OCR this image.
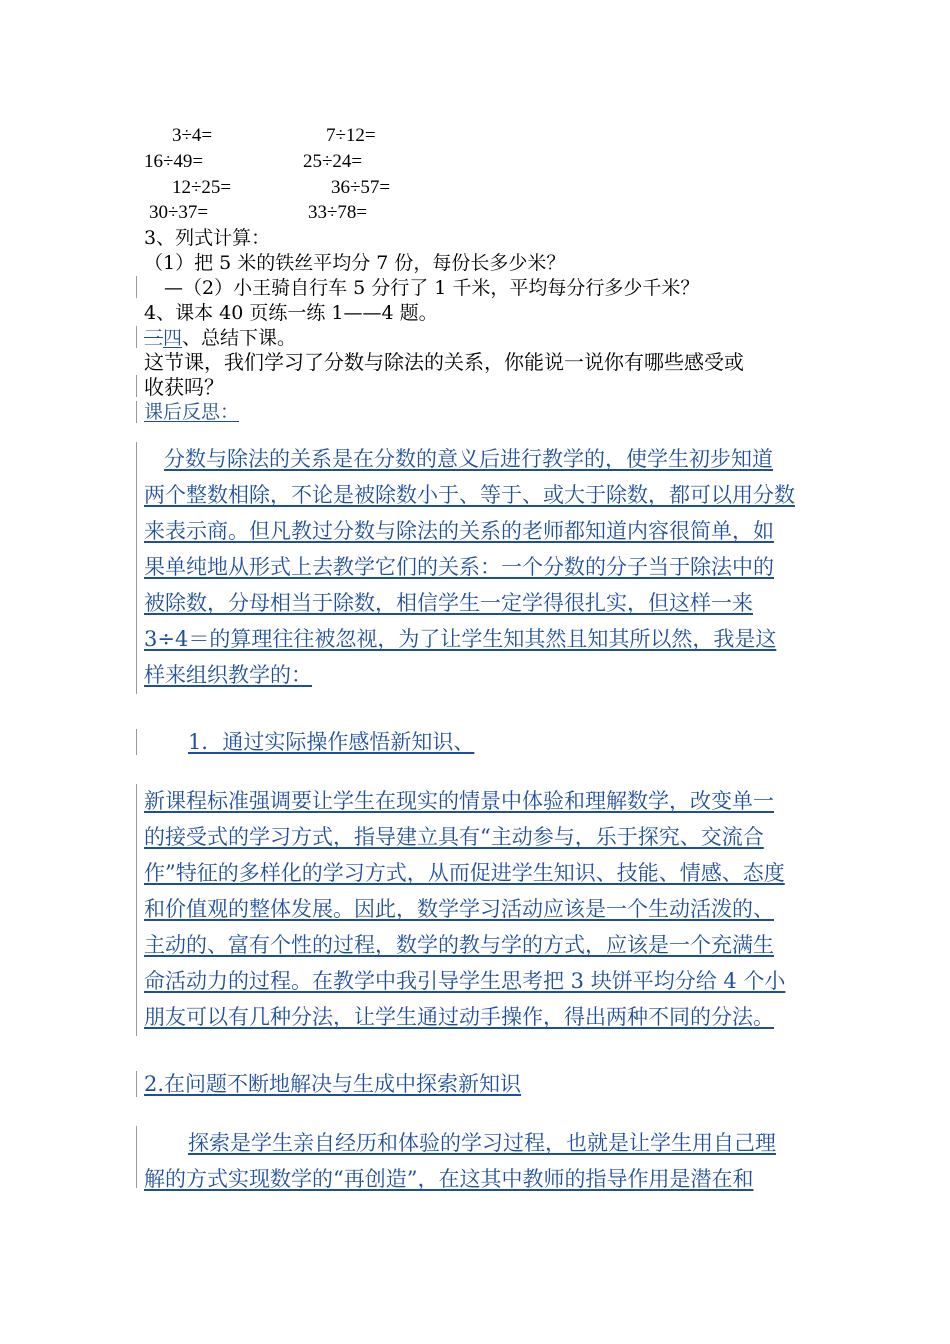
3÷4=	7÷12=
16÷49=	25÷24=
12÷25=	36÷57=
30÷37=	33÷78=
3、列式计算：
（1）把 5 米的铁丝平均分 7 份，每份长多少米？
—（2）小王骑自行车 5 分行了 1 千米，平均每分行多少千米？
4、课本 40 页练一练 1——4 题。
三四、总结下课。
这节课，我们学习了分数与除法的关系，你能说一说你有哪些感受或
收获吗？
课后反思：
分数与除法的关系是在分数的意义后进行教学的，使学生初步知道
两个整数相除，不论是被除数小于、等于、或大于除数，都可以用分数
来表示商。但凡教过分数与除法的关系的老师都知道内容很简单，如
果单纯地从形式上去教学它们的关系：一个分数的分子当于除法中的
被除数，分母相当于除数，相信学生一定学得很扎实，但这样一来
3÷4＝的算理往往被忽视，为了让学生知其然且知其所以然，我是这
样来组织教学的：
1．通过实际操作感悟新知识、
新课程标准强调要让学生在现实的情景中体验和理解数学，改变单一
的接受式的学习方式，指导建立具有“主动参与，乐于探究、交流合
作”特征的多样化的学习方式，从而促进学生知识、技能、情感、态度
和价值观的整体发展。因此，数学学习活动应该是一个生动活泼的、
主动的、富有个性的过程，数学的教与学的方式，应该是一个充满生
命活动力的过程。在教学中我引导学生思考把 3 块饼平均分给 4 个小
朋友可以有几种分法，让学生通过动手操作，得出两种不同的分法。
2.在问题不断地解决与生成中探索新知识
探索是学生亲自经历和体验的学习过程，也就是让学生用自己理
解的方式实现数学的“再创造”，在这其中教师的指导作用是潜在和
